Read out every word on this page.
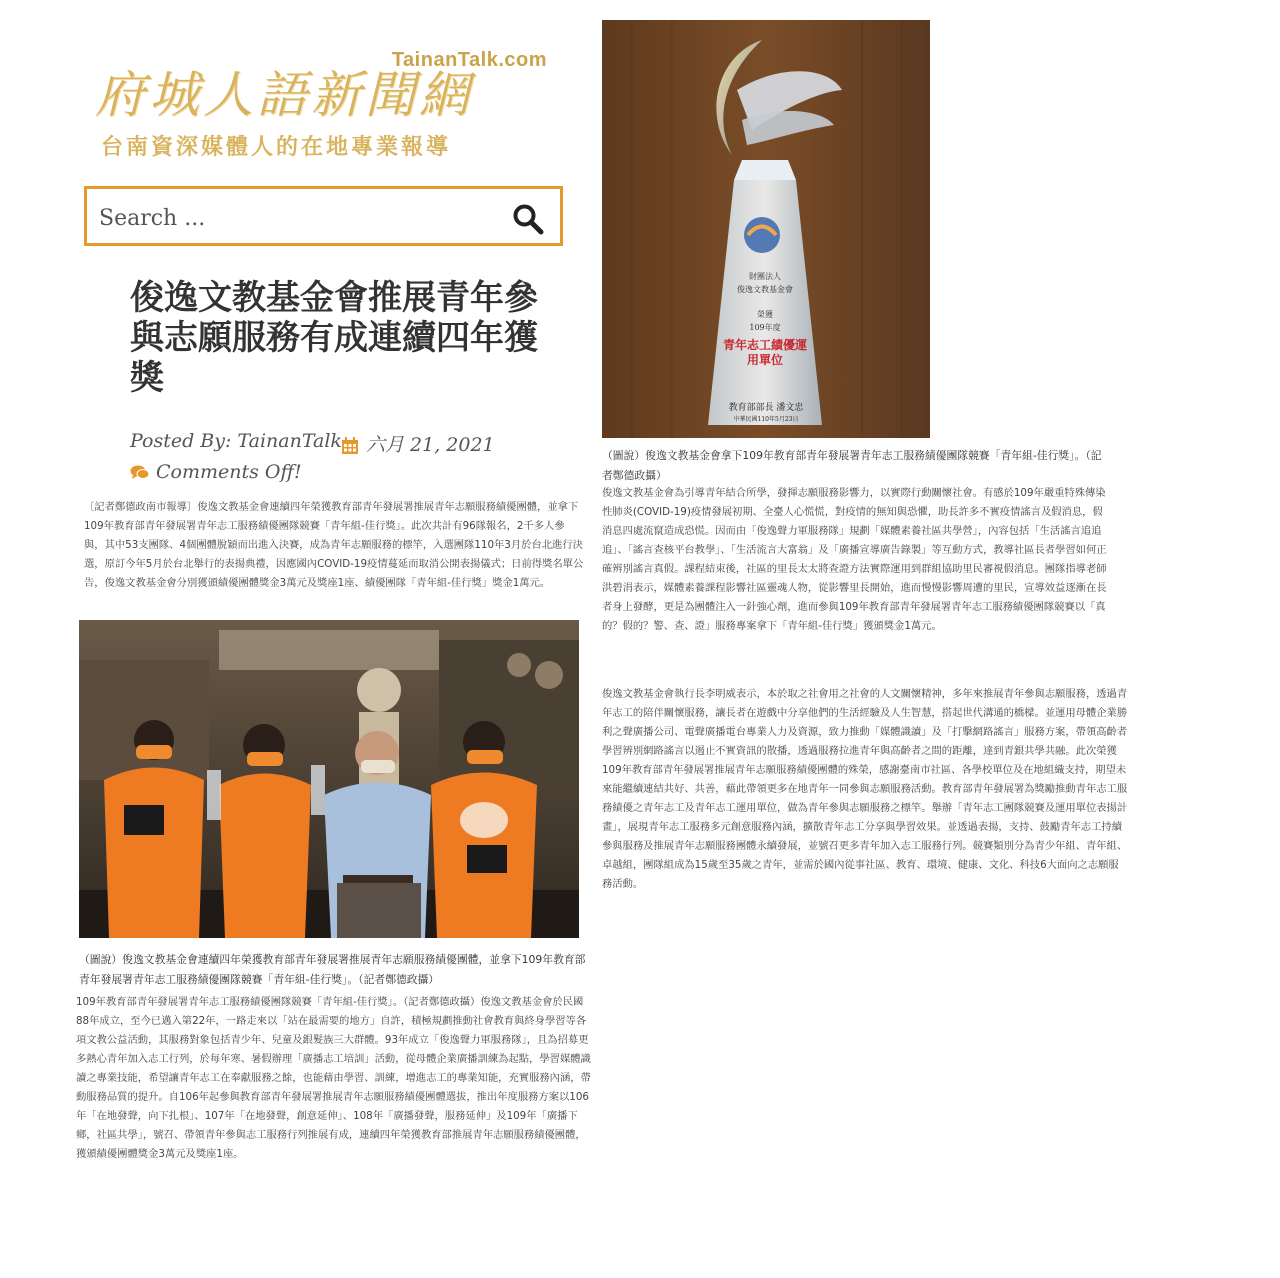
TainanTalk.com
府城人語新聞網
台南資深媒體人的在地專業報導
Search ...
俊逸文教基金會推展青年參與志願服務有成連續四年獲獎
Posted By: TainanTalk	六月 21, 2021
Comments Off!

〔記者鄭德政南市報導〕俊逸文教基金會連續四年榮獲教育部青年發展署推展青年志願服務績優團體，並拿下109年教育部青年發展署青年志工服務績優團隊競賽「青年組-佳行獎」。此次共計有96隊報名，2千多人參與，其中53支團隊、4個團體脫穎而出進入決賽，成為青年志願服務的標竿，入選團隊110年3月於台北進行決選，原訂今年5月於台北舉行的表揚典禮，因應國內COVID-19疫情蔓延而取消公開表揚儀式；日前得獎名單公告，俊逸文教基金會分別獲頒績優團體獎金3萬元及獎座1座、績優團隊「青年組-佳行獎」獎金1萬元。

（圖說）俊逸文教基金會連續四年榮獲教育部青年發展署推展青年志願服務績優團體，並拿下109年教育部青年發展署青年志工服務績優團隊競賽「青年組-佳行獎」。（記者鄭德政攝）

109年教育部青年發展署青年志工服務績優團隊競賽「青年組-佳行獎」。（記者鄭德政攝）俊逸文教基金會於民國88年成立，至今已邁入第22年，一路走來以「站在最需要的地方」自許，積極規劃推動社會教育與終身學習等各項文教公益活動，其服務對象包括青少年、兒童及銀髮族三大群體。93年成立「俊逸聲力軍服務隊」，且為招募更多熱心青年加入志工行列，於每年寒、暑假辦理「廣播志工培訓」活動，從母體企業廣播訓練為起點，學習媒體識讀之專業技能，希望讓青年志工在奉獻服務之餘，也能藉由學習、訓練，增進志工的專業知能，充實服務內涵，帶動服務品質的提升。自106年起參與教育部青年發展署推展青年志願服務績優團體選拔，推出年度服務方案以106年「在地發聲，向下扎根」、107年「在地發聲，創意延伸」、108年「廣播發聲，服務延伸」及109年「廣播下鄉，社區共學」，號召、帶領青年參與志工服務行列推展有成，連續四年榮獲教育部推展青年志願服務績優團體，獲頒績優團體獎金3萬元及獎座1座。

財團法人
俊逸文教基金會
榮獲
109年度
青年志工績優運用單位
教育部部長 潘文忠
中華民國110年5月23日

（圖說）俊逸文教基金會拿下109年教育部青年發展署青年志工服務績優團隊競賽「青年組-佳行獎」。（記者鄭德政攝）

俊逸文教基金會為引導青年結合所學，發揮志願服務影響力，以實際行動關懷社會。有感於109年嚴重特殊傳染性肺炎(COVID-19)疫情發展初期、全臺人心慌慌，對疫情的無知與恐懼，助長許多不實疫情謠言及假消息，假消息四處流竄造成恐慌。因而由「俊逸聲力軍服務隊」規劃「媒體素養社區共學營」，內容包括「生活謠言追追追」、「謠言查核平台教學」、「生活流言大富翁」及「廣播宣導廣告錄製」等互動方式，教導社區長者學習如何正確辨別謠言真假。課程結束後，社區的里長太太將查證方法實際運用到群組協助里民審視假消息。團隊指導老師洪碧涓表示，媒體素養課程影響社區靈魂人物，從影響里長開始，進而慢慢影響周遭的里民，宣導效益逐漸在長者身上發酵，更是為團體注入一針強心劑，進而參與109年教育部青年發展署青年志工服務績優團隊競賽以「真的？假的？警、查、證」服務專案拿下「青年組-佳行獎」獲頒獎金1萬元。

俊逸文教基金會執行長李明威表示，本於取之社會用之社會的人文關懷精神，多年來推展青年參與志願服務，透過青年志工的陪伴關懷服務，讓長者在遊戲中分享他們的生活經驗及人生智慧，搭起世代溝通的橋樑。並運用母體企業勝利之聲廣播公司、電聲廣播電台專業人力及資源，致力推動「媒體識讀」及「打擊網路謠言」服務方案，帶領高齡者學習辨別網路謠言以遏止不實資訊的散播，透過服務拉進青年與高齡者之間的距離，達到青銀共學共融。此次榮獲109年教育部青年發展署推展青年志願服務績優團體的殊榮，感謝臺南市社區、各學校單位及在地組織支持，期望未來能繼續連結共好、共善，藉此帶領更多在地青年一同參與志願服務活動。教育部青年發展署為獎勵推動青年志工服務績優之青年志工及青年志工運用單位，做為青年參與志願服務之標竿。舉辦「青年志工團隊競賽及運用單位表揚計畫」，展現青年志工服務多元創意服務內涵，擴散青年志工分享與學習效果。並透過表揚，支持、鼓勵青年志工持續參與服務及推展青年志願服務團體永續發展，並號召更多青年加入志工服務行列。競賽類別分為青少年組、青年組、卓越組，團隊組成為15歲至35歲之青年，並需於國內從事社區、教育、環境、健康、文化、科技6大面向之志願服務活動。
